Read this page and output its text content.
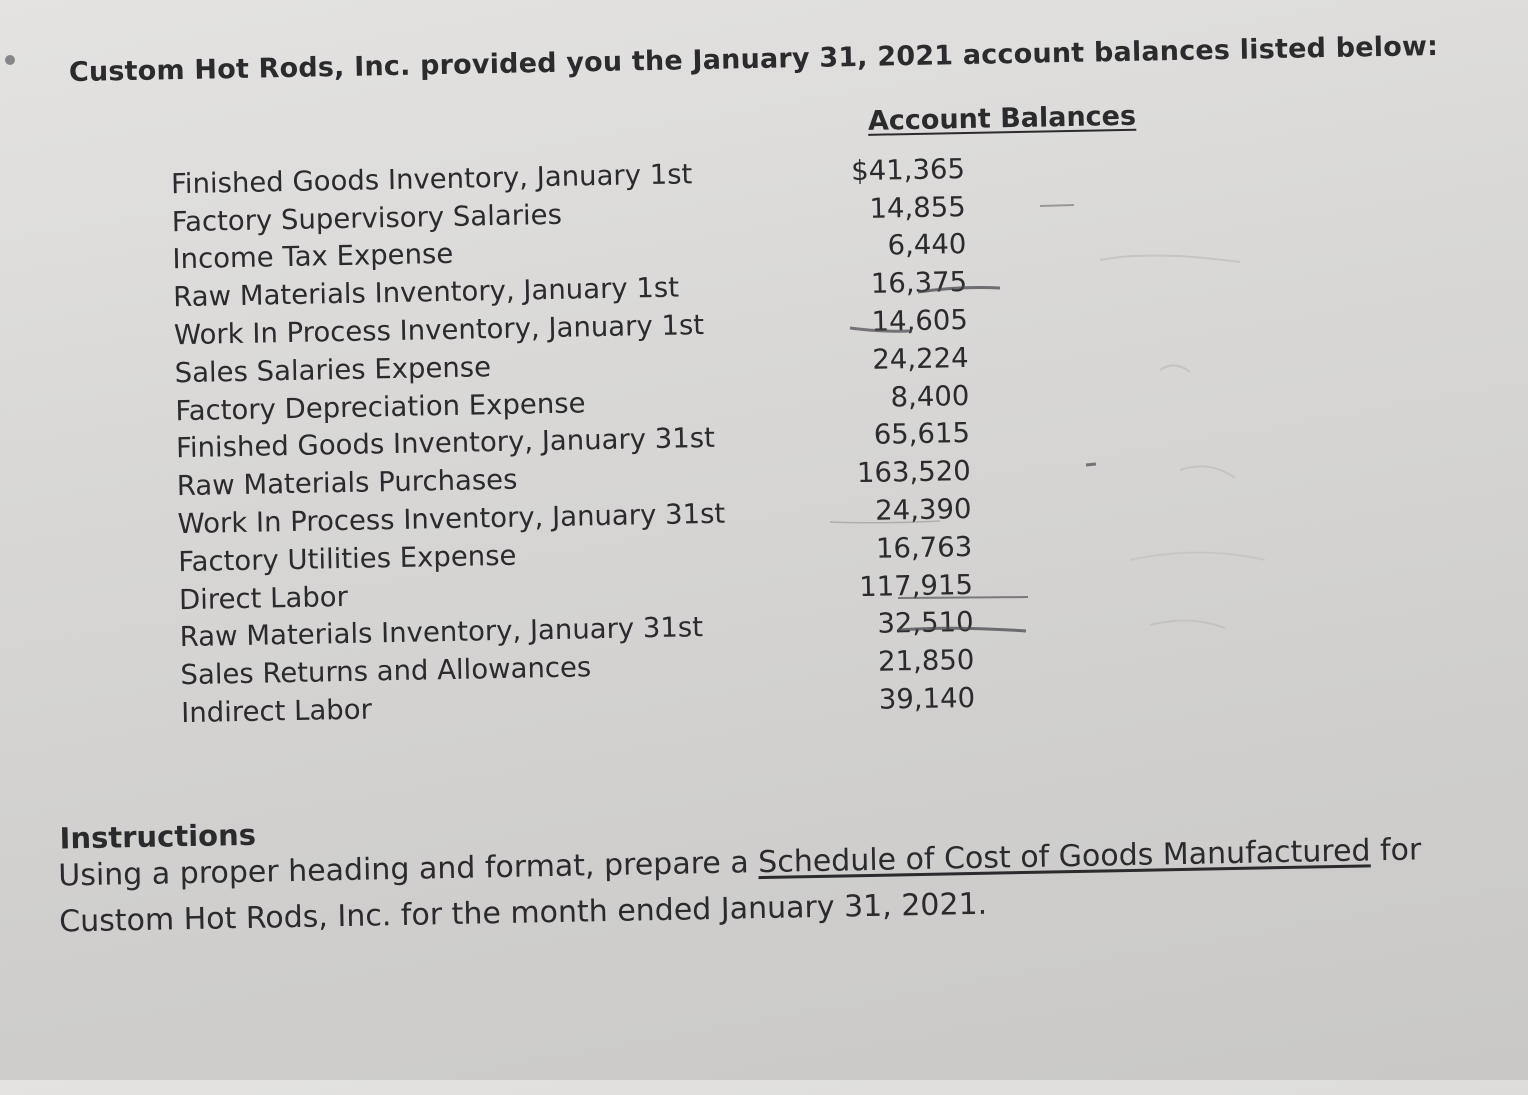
Custom Hot Rods, Inc. provided you the January 31, 2021 account balances listed below:
Account Balances
Finished Goods Inventory, January 1st	$41,365
Factory Supervisory Salaries	14,855
Income Tax Expense	6,440
Raw Materials Inventory, January 1st	16,375
Work In Process Inventory, January 1st	14,605
Sales Salaries Expense	24,224
Factory Depreciation Expense	8,400
Finished Goods Inventory, January 31st	65,615
Raw Materials Purchases	163,520
Work In Process Inventory, January 31st	24,390
Factory Utilities Expense	16,763
Direct Labor	117,915
Raw Materials Inventory, January 31st	32,510
Sales Returns and Allowances	21,850
Indirect Labor	39,140
Instructions
Using a proper heading and format, prepare a Schedule of Cost of Goods Manufactured for Custom Hot Rods, Inc. for the month ended January 31, 2021.
